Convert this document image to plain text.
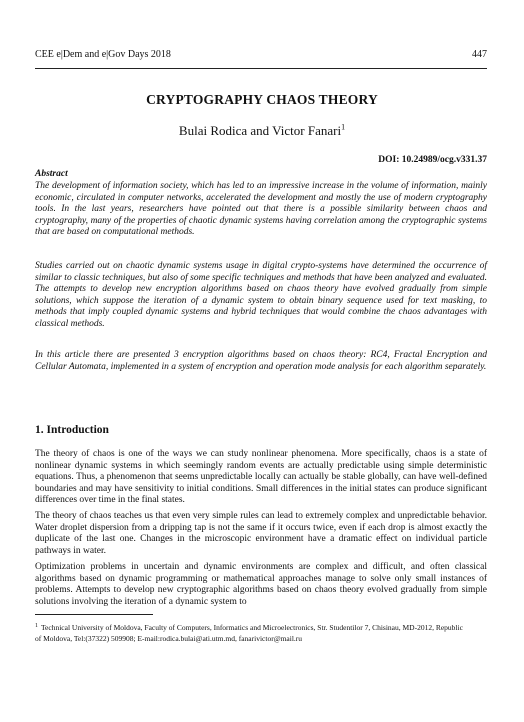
CEE e|Dem and e|Gov Days 2018	447
CRYPTOGRAPHY CHAOS THEORY
Bulai Rodica and Victor Fanari$^1$
DOI: 10.24989/ocg.v331.37
Abstract

The development of information society, which has led to an impressive increase in the volume of information, mainly economic, circulated in computer networks, accelerated the development and mostly the use of modern cryptography tools. In the last years, researchers have pointed out that there is a possible similarity between chaos and cryptography, many of the properties of chaotic dynamic systems having correlation among the cryptographic systems that are based on computational methods.

Studies carried out on chaotic dynamic systems usage in digital crypto-systems have determined the occurrence of similar to classic techniques, but also of some specific techniques and methods that have been analyzed and evaluated. The attempts to develop new encryption algorithms based on chaos theory have evolved gradually from simple solutions, which suppose the iteration of a dynamic system to obtain binary sequence used for text masking, to methods that imply coupled dynamic systems and hybrid techniques that would combine the chaos advantages with classical methods.

In this article there are presented 3 encryption algorithms based on chaos theory: RC4, Fractal Encryption and Cellular Automata, implemented in a system of encryption and operation mode analysis for each algorithm separately.

1. Introduction

The theory of chaos is one of the ways we can study nonlinear phenomena. More specifically, chaos is a state of nonlinear dynamic systems in which seemingly random events are actually predictable using simple deterministic equations. Thus, a phenomenon that seems unpredictable locally can actually be stable globally, can have well-defined boundaries and may have sensitivity to initial conditions. Small differences in the initial states can produce significant differences over time in the final states.

The theory of chaos teaches us that even very simple rules can lead to extremely complex and unpredictable behavior. Water droplet dispersion from a dripping tap is not the same if it occurs twice, even if each drop is almost exactly the duplicate of the last one. Changes in the microscopic environment have a dramatic effect on individual particle pathways in water.

Optimization problems in uncertain and dynamic environments are complex and difficult, and often classical algorithms based on dynamic programming or mathematical approaches manage to solve only small instances of problems. Attempts to develop new cryptographic algorithms based on chaos theory evolved gradually from simple solutions involving the iteration of a dynamic system to

$^1$ Technical University of Moldova, Faculty of Computers, Informatics and Microelectronics, Str. Studentilor 7, Chisinau, MD-2012, Republic of Moldova, Tel:(37322) 509908; E-mail:rodica.bulai@ati.utm.md, fanarivictor@mail.ru
